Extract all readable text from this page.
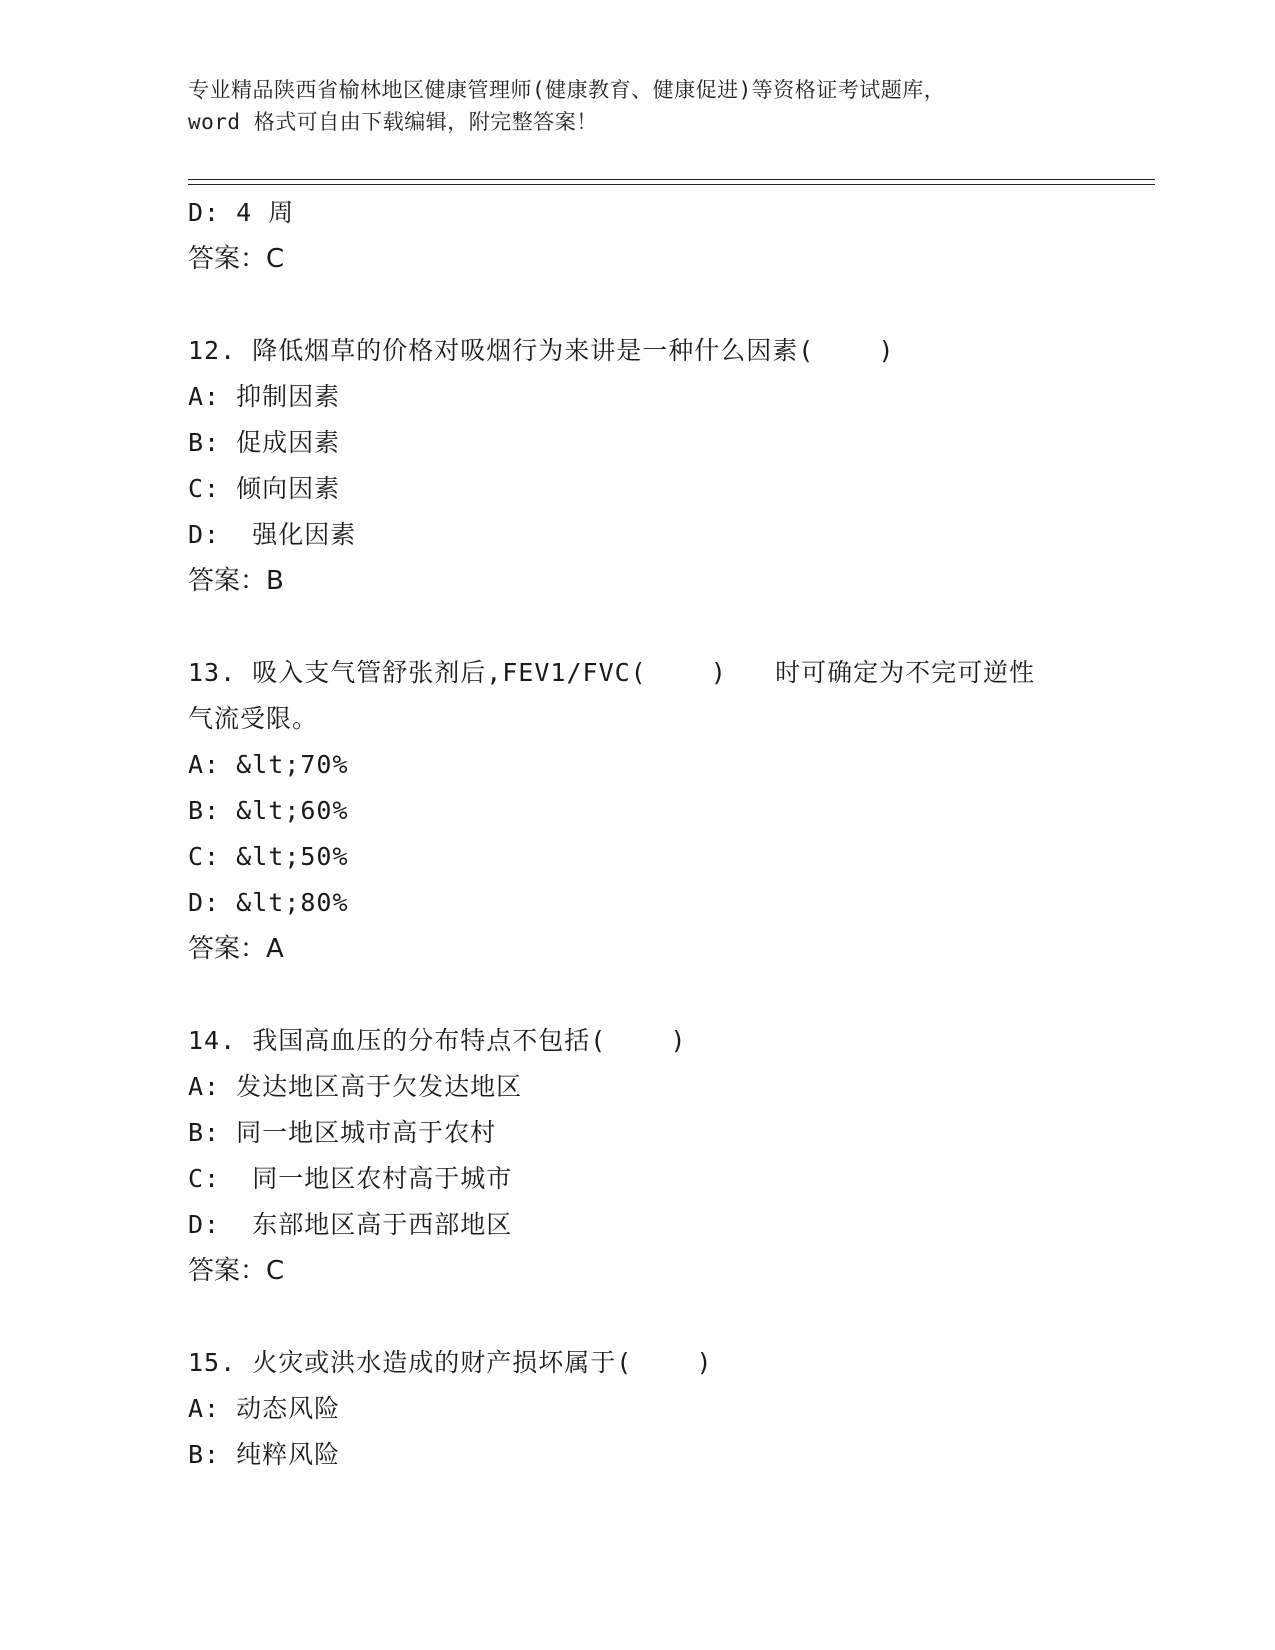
专业精品陕西省榆林地区健康管理师(健康教育、健康促进)等资格证考试题库，
word 格式可自由下载编辑，附完整答案！
D: 4 周
答案：C
12. 降低烟草的价格对吸烟行为来讲是一种什么因素(    )
A: 抑制因素
B: 促成因素
C: 倾向因素
D:  强化因素
答案：B
13. 吸入支气管舒张剂后,FEV1/FVC(    )   时可确定为不完可逆性
气流受限。
A: &lt;70%
B: &lt;60%
C: &lt;50%
D: &lt;80%
答案：A
14. 我国高血压的分布特点不包括(    )
A: 发达地区高于欠发达地区
B: 同一地区城市高于农村
C:  同一地区农村高于城市
D:  东部地区高于西部地区
答案：C
15. 火灾或洪水造成的财产损坏属于(    )
A: 动态风险
B: 纯粹风险
